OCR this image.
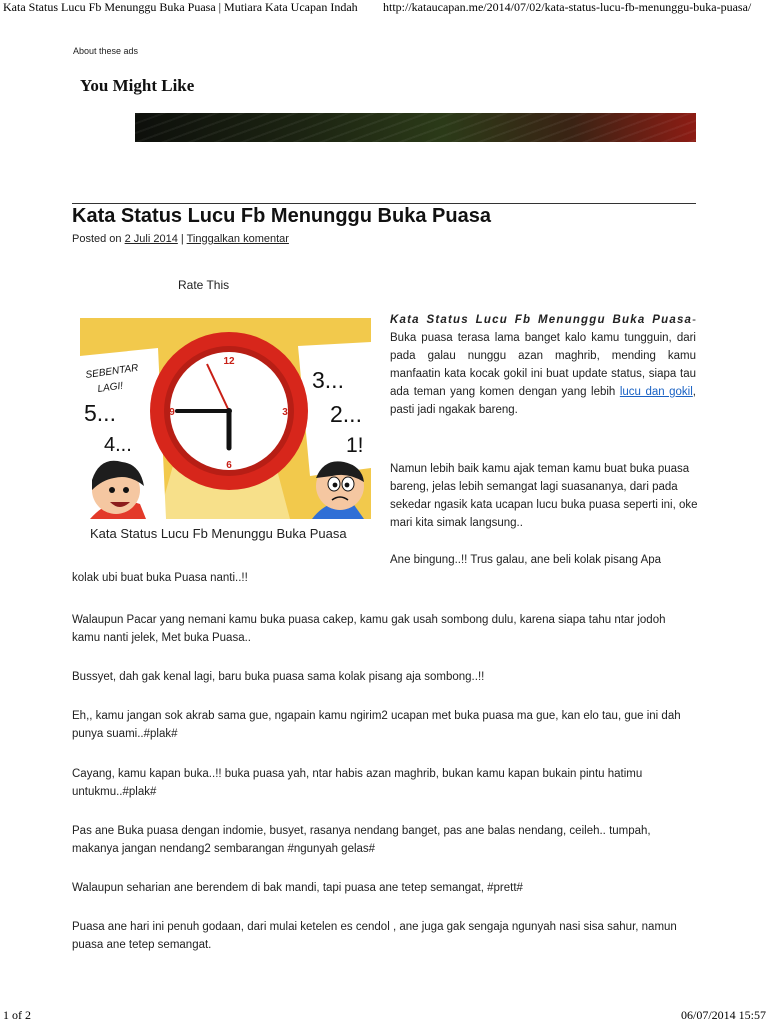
Kata Status Lucu Fb Menunggu Buka Puasa | Mutiara Kata Ucapan Indah http://kataucapan.me/2014/07/02/kata-status-lucu-fb-menunggu-buka-puasa/
About these ads
You Might Like
Kata Status Lucu Fb Menunggu Buka Puasa
Posted on 2 Juli 2014 | Tinggalkan komentar
Rate This
SEBENTAR
LAGI!
5...
4...
3...
2...
1!
12
3
6
9
Kata Status Lucu Fb Menunggu Buka Puasa

Kata Status Lucu Fb Menunggu Buka Puasa-Buka puasa terasa lama banget kalo kamu tungguin, dari pada galau nunggu azan maghrib, mending kamu manfaatin kata kocak gokil ini buat update status, siapa tau ada teman yang komen dengan yang lebih lucu dan gokil, pasti jadi ngakak bareng.

Namun lebih baik kamu ajak teman kamu buat buka puasa bareng, jelas lebih semangat lagi suasananya, dari pada sekedar ngasik kata ucapan lucu buka puasa seperti ini, oke mari kita simak langsung..

Ane bingung..!! Trus galau, ane beli kolak pisang Apa
kolak ubi buat buka Puasa nanti..!!

Walaupun Pacar yang nemani kamu buka puasa cakep, kamu gak usah sombong dulu, karena siapa tahu ntar jodoh kamu nanti jelek, Met buka Puasa..

Bussyet, dah gak kenal lagi, baru buka puasa sama kolak pisang aja sombong..!!

Eh,, kamu jangan sok akrab sama gue, ngapain kamu ngirim2 ucapan met buka puasa ma gue, kan elo tau, gue ini dah punya suami..#plak#

Cayang, kamu kapan buka..!! buka puasa yah, ntar habis azan maghrib, bukan kamu kapan bukain pintu hatimu untukmu..#plak#

Pas ane Buka puasa dengan indomie, busyet, rasanya nendang banget, pas ane balas nendang, ceileh.. tumpah, makanya jangan nendang2 sembarangan #ngunyah gelas#

Walaupun seharian ane berendem di bak mandi, tapi puasa ane tetep semangat, #prett#

Puasa ane hari ini penuh godaan, dari mulai ketelen es cendol , ane juga gak sengaja ngunyah nasi sisa sahur, namun puasa ane tetep semangat.

1 of 2	06/07/2014 15:57
